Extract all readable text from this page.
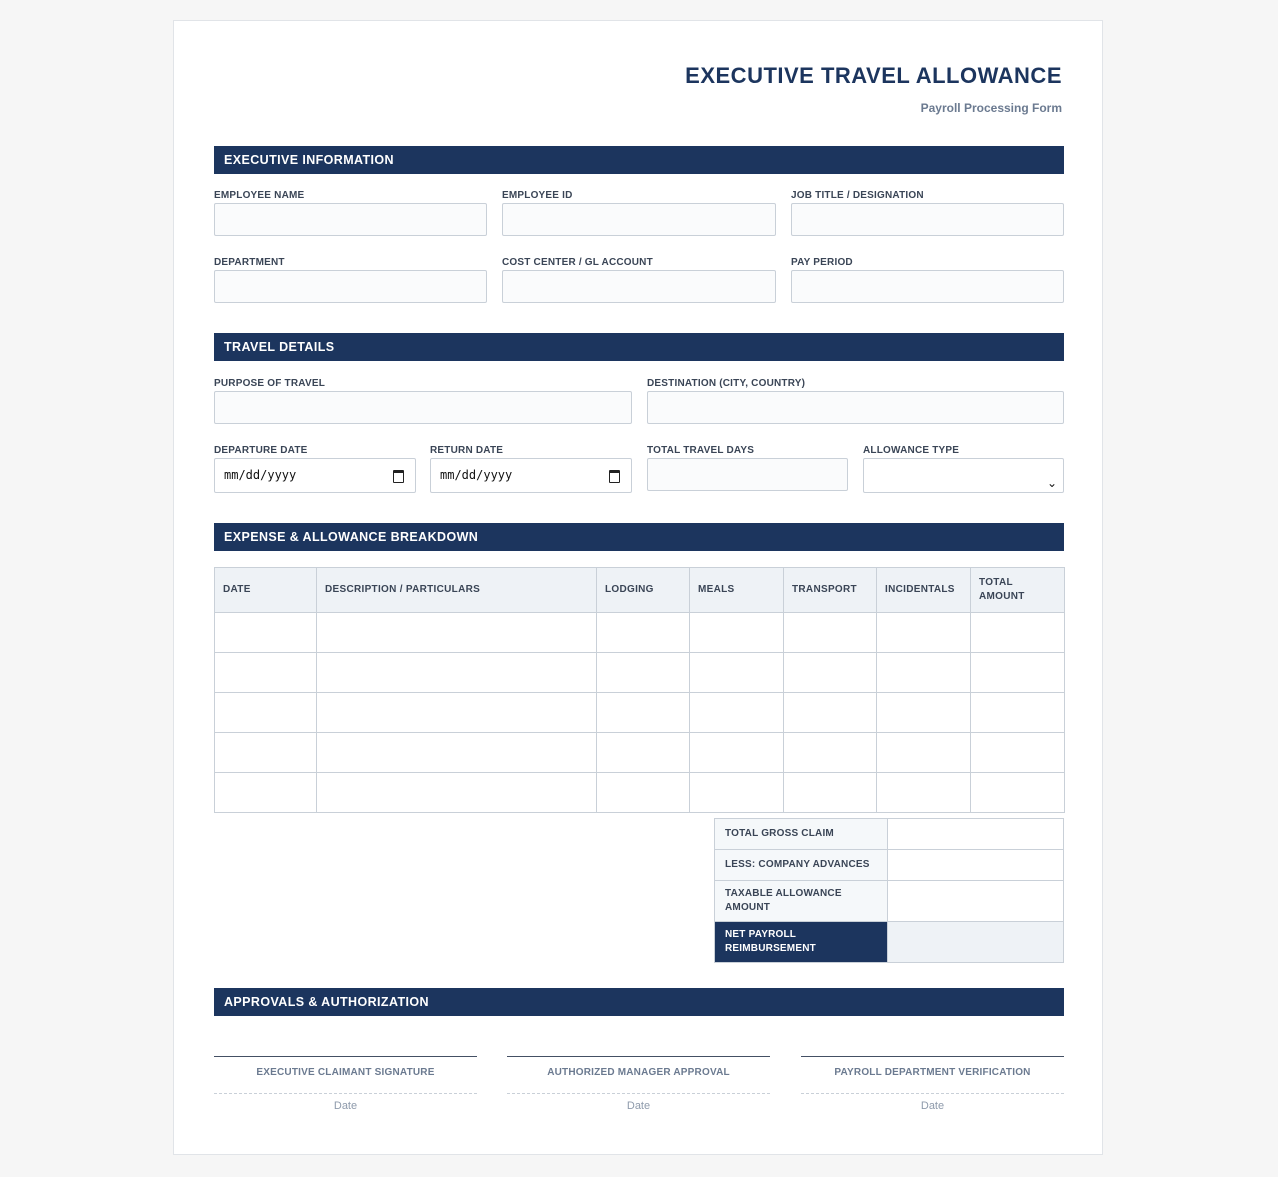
EXECUTIVE TRAVEL ALLOWANCE
Payroll Processing Form
EXECUTIVE INFORMATION
EMPLOYEE NAME	EMPLOYEE ID	JOB TITLE / DESIGNATION
DEPARTMENT	COST CENTER / GL ACCOUNT	PAY PERIOD
TRAVEL DETAILS
PURPOSE OF TRAVEL	DESTINATION (CITY, COUNTRY)
DEPARTURE DATE
mm/dd/yyyy
RETURN DATE
mm/dd/yyyy
TOTAL TRAVEL DAYS	ALLOWANCE TYPE
⌄
EXPENSE & ALLOWANCE BREAKDOWN
DATE	DESCRIPTION / PARTICULARS	LODGING	MEALS	TRANSPORT	INCIDENTALS	TOTAL AMOUNT

TOTAL GROSS CLAIM	
LESS: COMPANY ADVANCES	
TAXABLE ALLOWANCE AMOUNT	
NET PAYROLL REIMBURSEMENT	
APPROVALS & AUTHORIZATION
EXECUTIVE CLAIMANT SIGNATURE
Date
AUTHORIZED MANAGER APPROVAL
Date
PAYROLL DEPARTMENT VERIFICATION
Date
